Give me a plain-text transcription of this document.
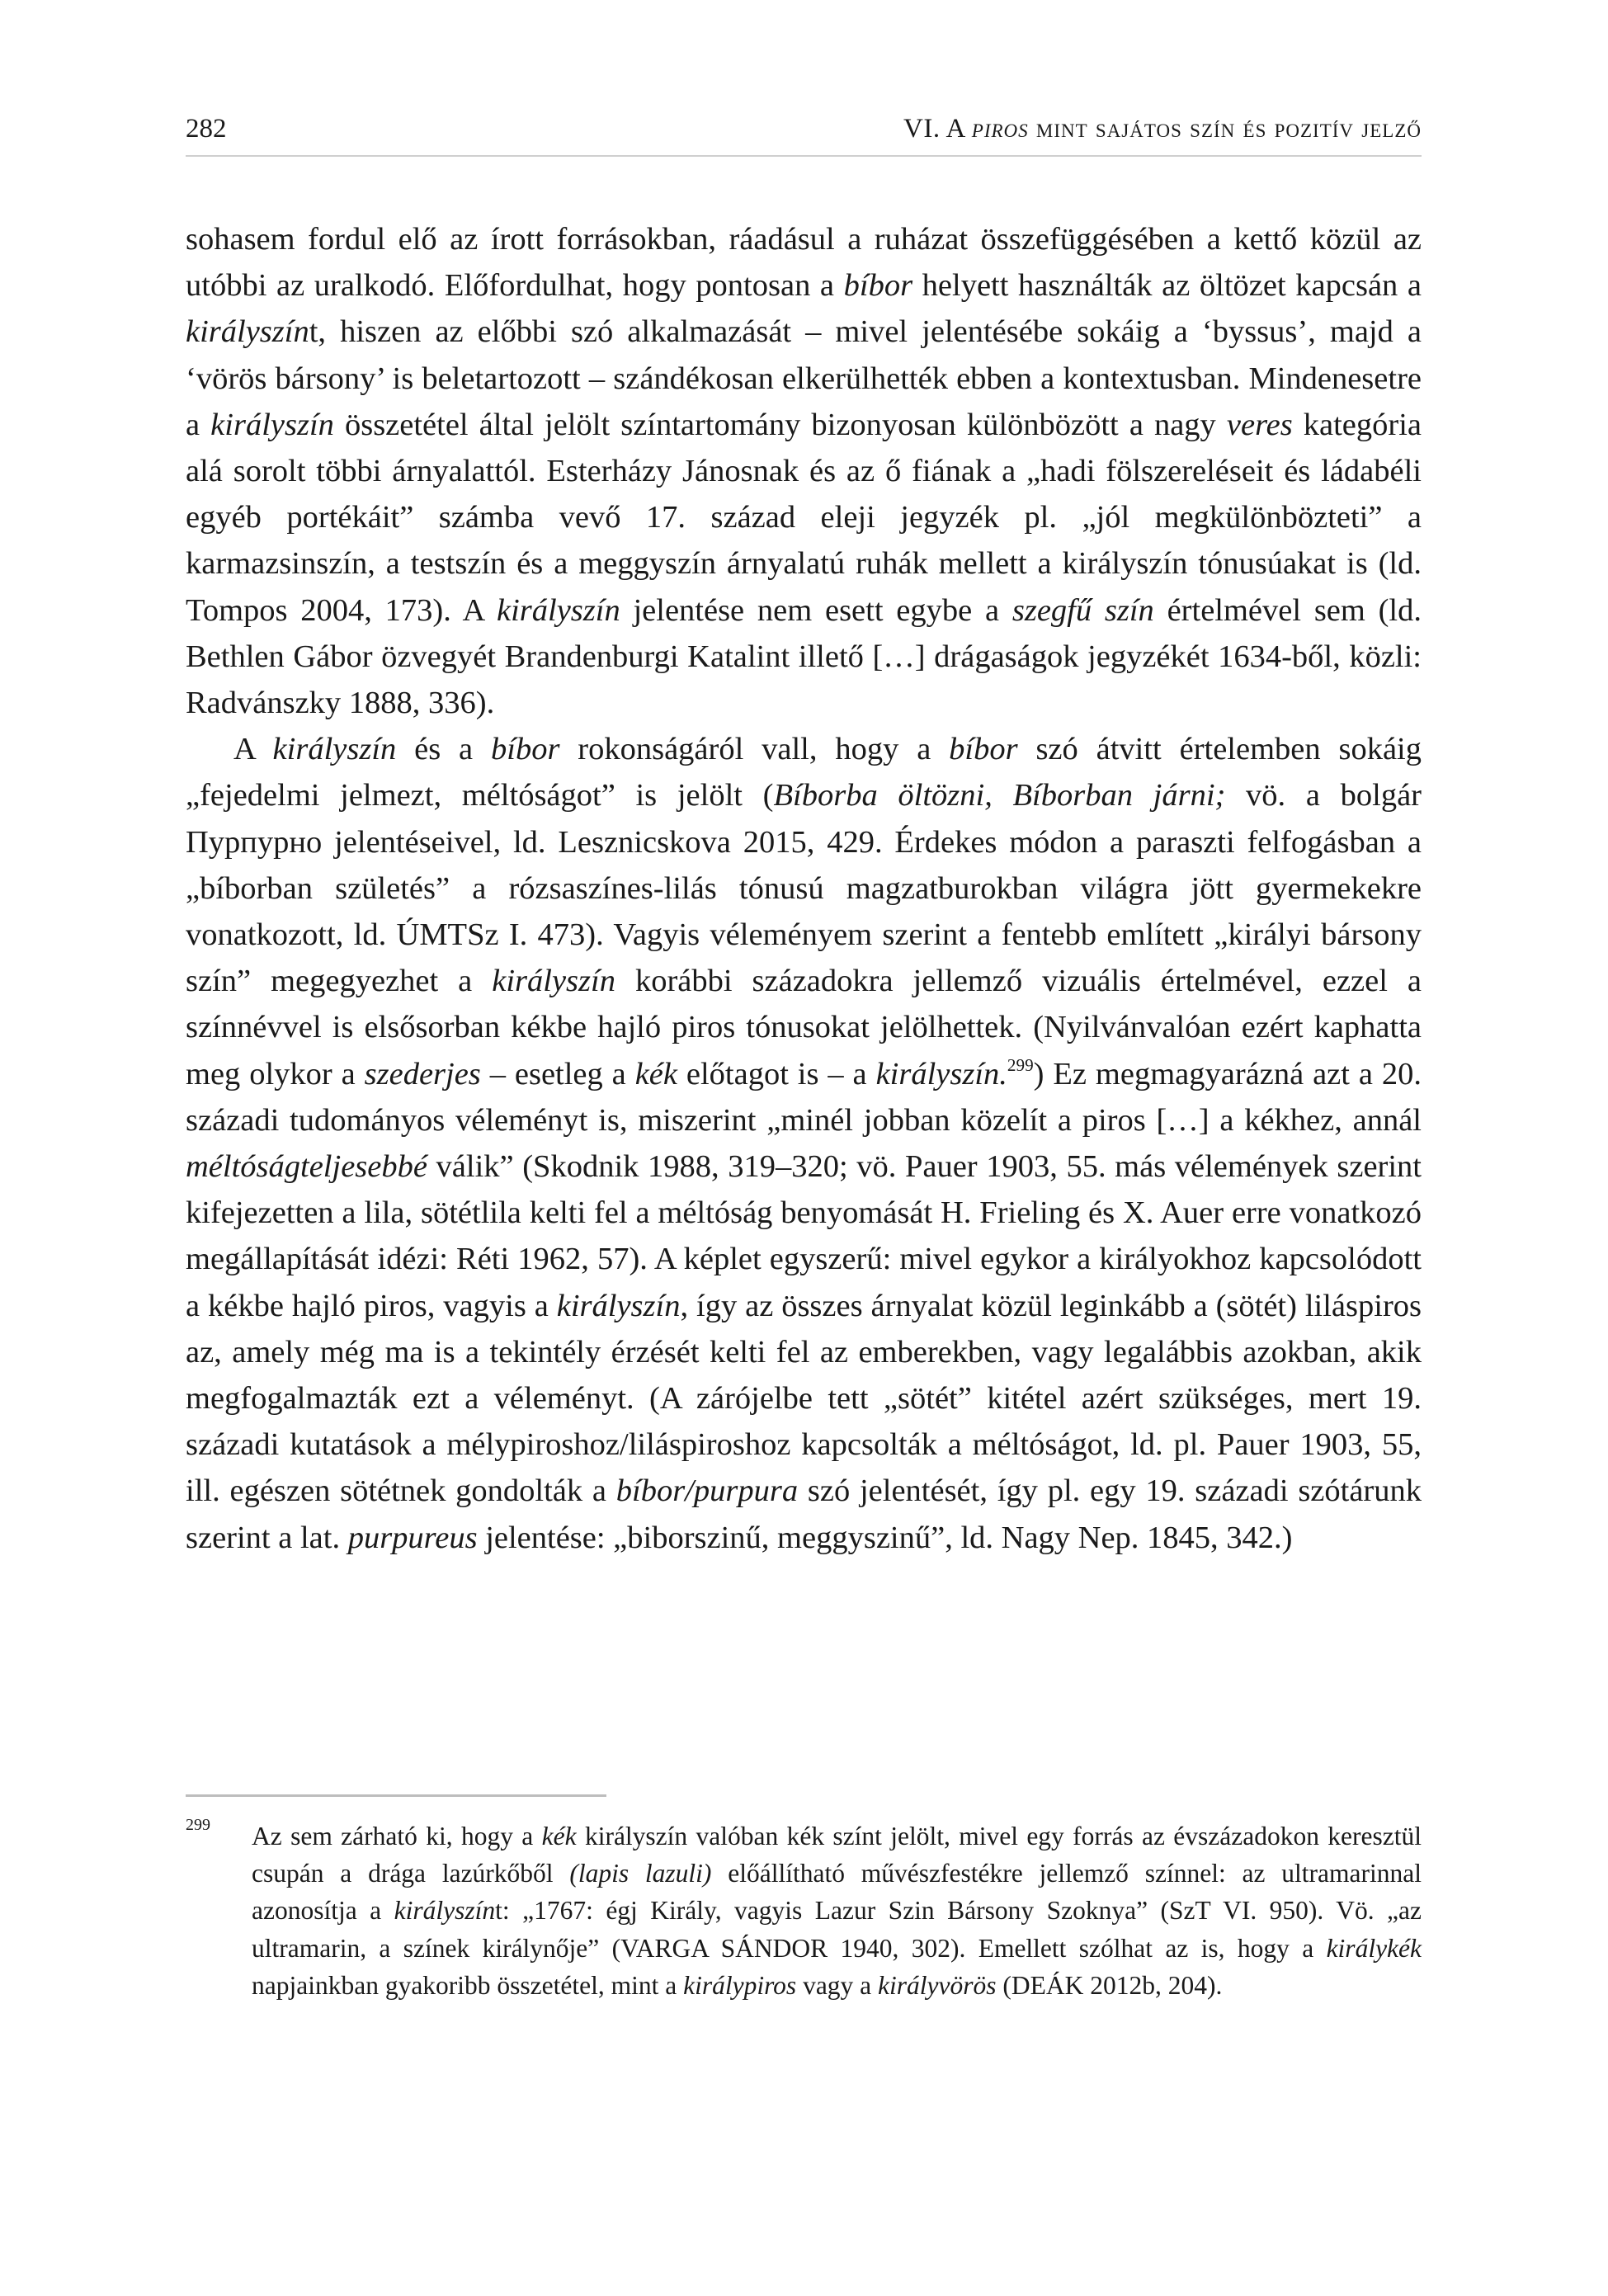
282	VI. A piros mint sajátos szín és pozitív jelző

sohasem fordul elő az írott forrásokban, ráadásul a ruházat összefüggésében a kettő közül az utóbbi az uralkodó. Előfordulhat, hogy pontosan a bíbor helyett használták az öltözet kapcsán a királyszínt, hiszen az előbbi szó alkalmazását – mivel jelentésébe sokáig a ‘byssus’, majd a ‘vörös bársony’ is beletartozott – szándékosan elkerülhették ebben a kontextusban. Mindenesetre a királyszín összetétel által jelölt színtartomány bizonyosan különbözött a nagy veres kategória alá sorolt többi árnyalattól. Esterházy Jánosnak és az ő fiának a „hadi fölszereléseit és ládabéli egyéb portékáit” számba vevő 17. század eleji jegyzék pl. „jól megkülönbözteti” a karmazsinszín, a testszín és a meggyszín árnyalatú ruhák mellett a királyszín tónusúakat is (ld. Tompos 2004, 173). A királyszín jelentése nem esett egybe a szegfű szín értelmével sem (ld. Bethlen Gábor özvegyét Brandenburgi Katalint illető […] drágaságok jegyzékét 1634-ből, közli: Radvánszky 1888, 336).

A királyszín és a bíbor rokonságáról vall, hogy a bíbor szó átvitt értelemben sokáig „fejedelmi jelmezt, méltóságot” is jelölt (Bíborba öltözni, Bíborban járni; vö. a bolgár Пурпурно jelentéseivel, ld. Lesznicskova 2015, 429. Érdekes módon a paraszti felfogásban a „bíborban születés” a rózsaszínes-lilás tónusú magzatburokban világra jött gyermekekre vonatkozott, ld. ÚMTSz I. 473). Vagyis véleményem szerint a fentebb említett „királyi bársony szín” megegyezhet a királyszín korábbi századokra jellemző vizuális értelmével, ezzel a színnévvel is elsősorban kékbe hajló piros tónusokat jelölhettek. (Nyilvánvalóan ezért kaphatta meg olykor a szederjes – esetleg a kék előtagot is – a királyszín.$^{299}$) Ez megmagyarázná azt a 20. századi tudományos véleményt is, miszerint „minél jobban közelít a piros […] a kékhez, annál méltóságteljesebbé válik” (Skodnik 1988, 319–320; vö. Pauer 1903, 55. más vélemények szerint kifejezetten a lila, sötétlila kelti fel a méltóság benyomását H. Frieling és X. Auer erre vonatkozó megállapítását idézi: Réti 1962, 57). A képlet egyszerű: mivel egykor a királyokhoz kapcsolódott a kékbe hajló piros, vagyis a királyszín, így az összes árnyalat közül leginkább a (sötét) liláspiros az, amely még ma is a tekintély érzését kelti fel az emberekben, vagy legalábbis azokban, akik megfogalmazták ezt a véleményt. (A zárójelbe tett „sötét” kitétel azért szükséges, mert 19. századi kutatások a mélypiroshoz/liláspiroshoz kapcsolták a méltóságot, ld. pl. Pauer 1903, 55, ill. egészen sötétnek gondolták a bíbor/purpura szó jelentését, így pl. egy 19. századi szótárunk szerint a lat. purpureus jelentése: „biborszinű, meggyszinű”, ld. Nagy Nep. 1845, 342.)

299 Az sem zárható ki, hogy a kék királyszín valóban kék színt jelölt, mivel egy forrás az évszázadokon keresztül csupán a drága lazúrkőből (lapis lazuli) előállítható művészfestékre jellemző színnel: az ultramarinnal azonosítja a királyszínt: „1767: égj Király, vagyis Lazur Szin Bársony Szoknya” (SzT VI. 950). Vö. „az ultramarin, a színek királynője” (VARGA SÁNDOR 1940, 302). Emellett szólhat az is, hogy a királykék napjainkban gyakoribb összetétel, mint a királypiros vagy a királyvörös (DEÁK 2012b, 204).
